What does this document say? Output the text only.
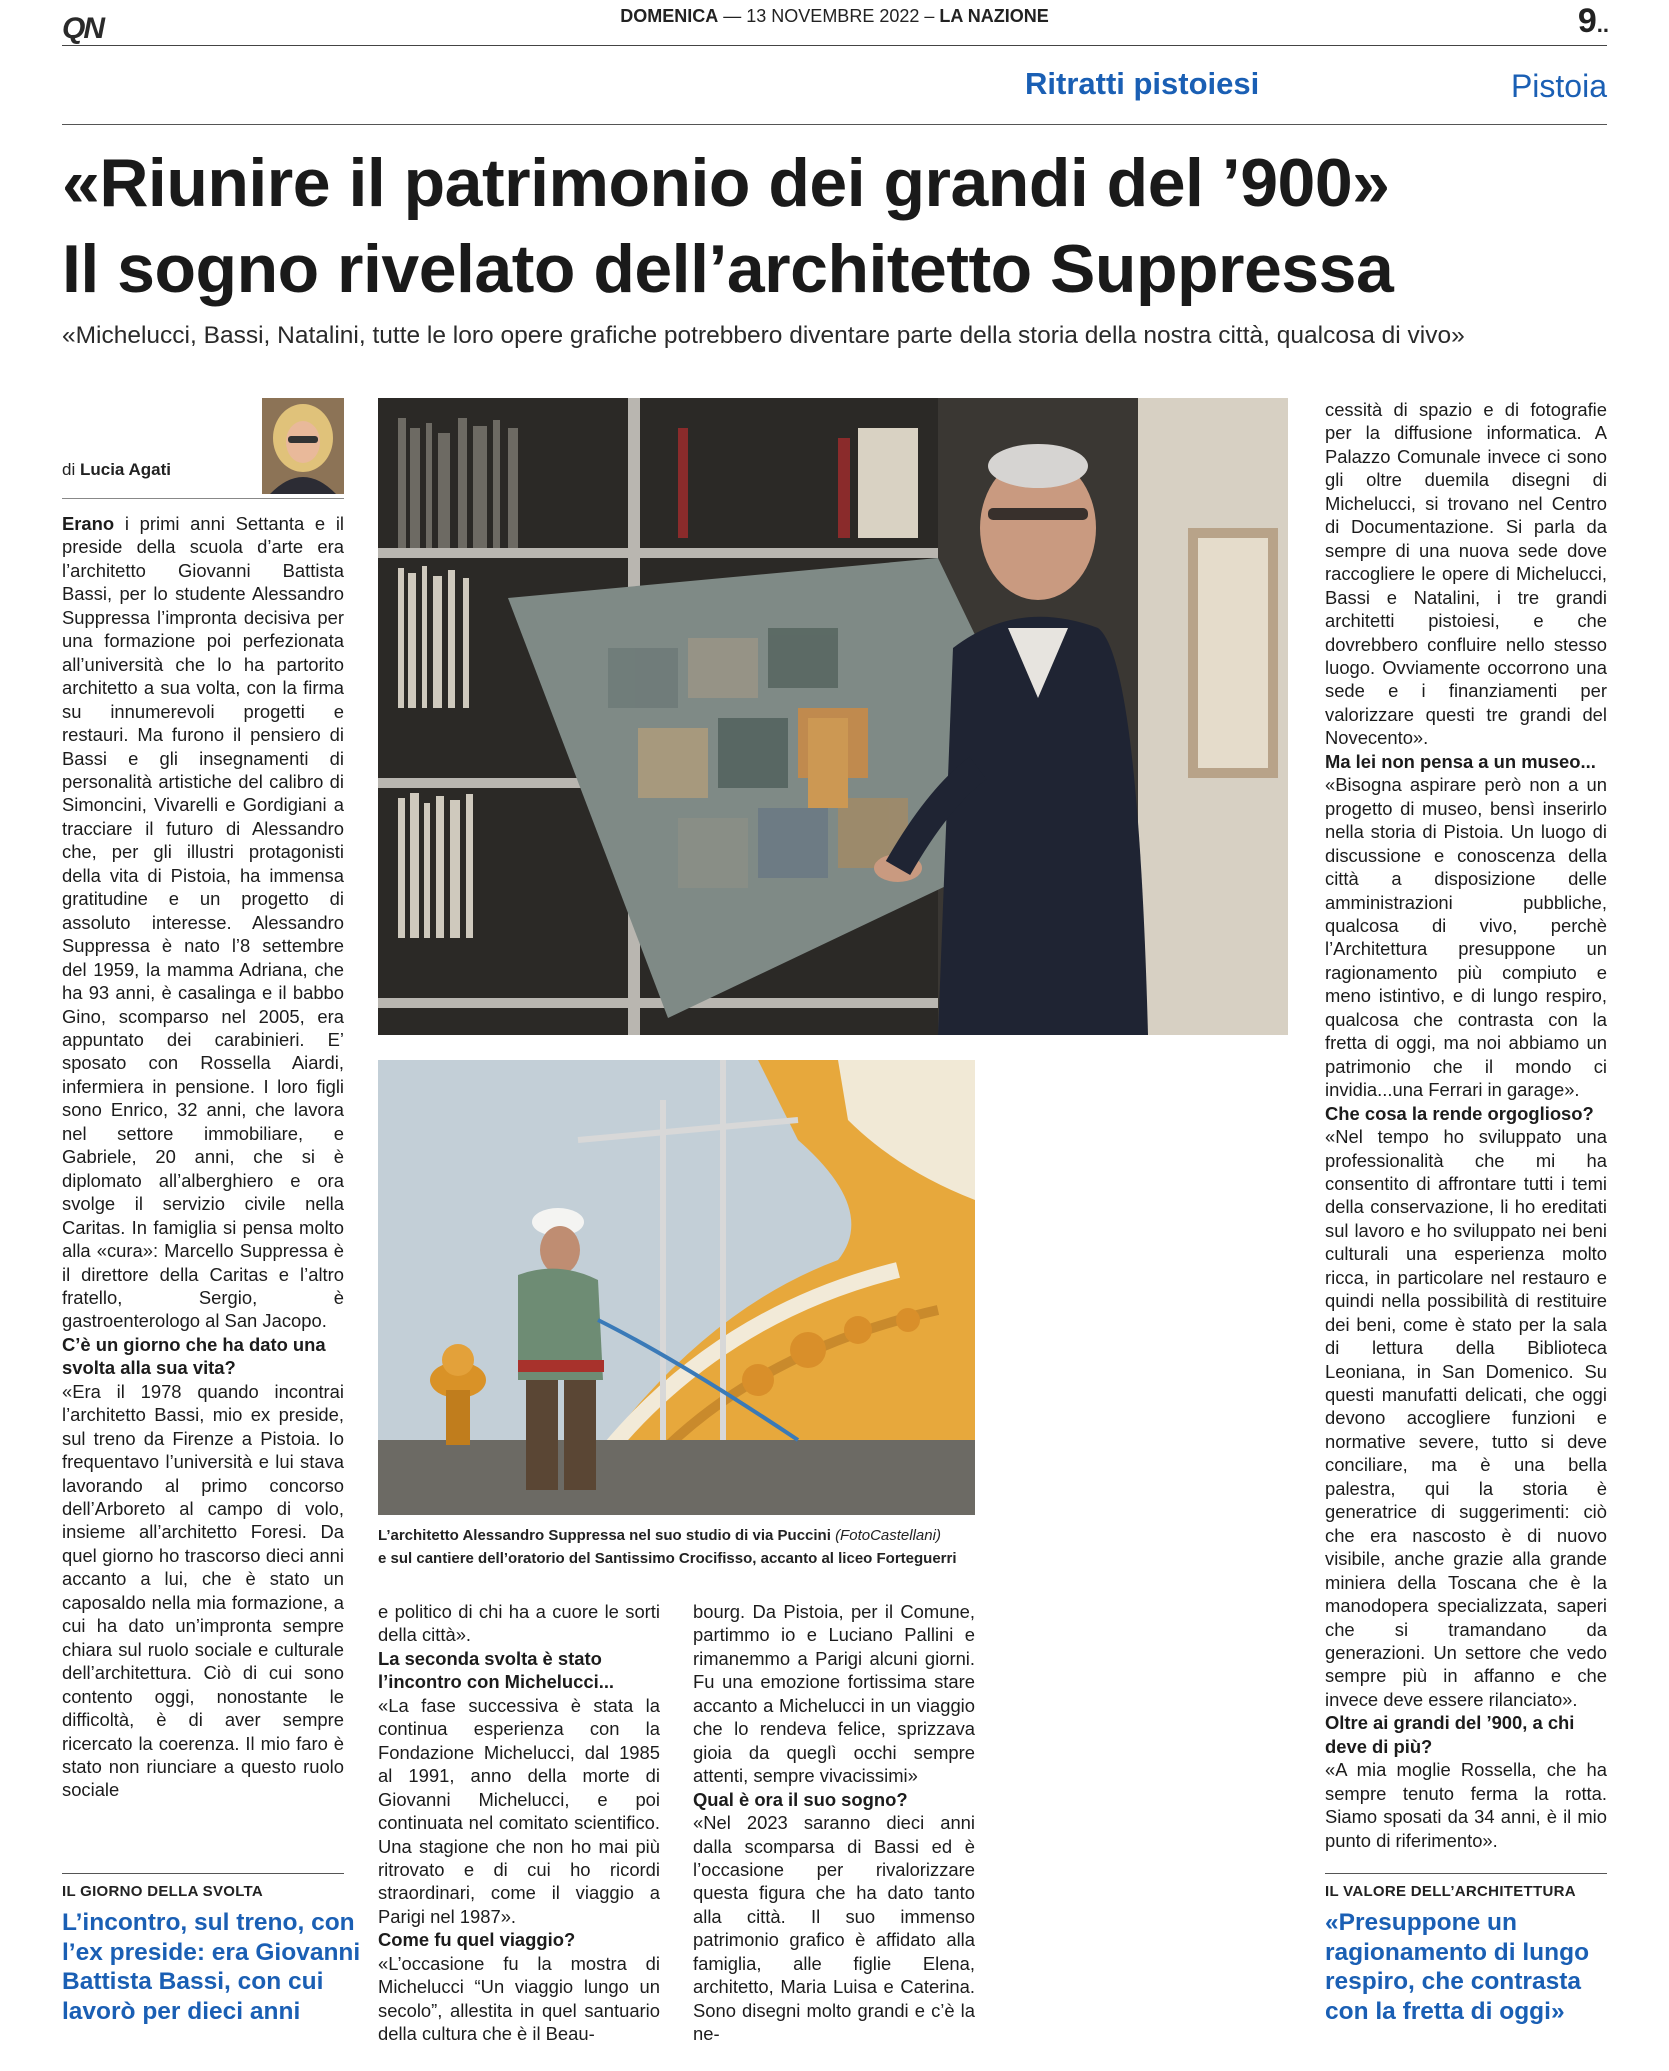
QN	DOMENICA — 13 NOVEMBRE 2022 – LA NAZIONE	9..
Ritratti pistoiesi	Pistoia
«Riunire il patrimonio dei grandi del ’900»
Il sogno rivelato dell’architetto Suppressa
«Michelucci, Bassi, Natalini, tutte le loro opere grafiche potrebbero diventare parte della storia della nostra città, qualcosa di vivo»
di Lucia Agati

Erano i primi anni Settanta e il preside della scuola d’arte era l’architetto Giovanni Battista Bassi, per lo studente Alessandro Suppressa l’impronta decisiva per una formazione poi perfezionata all’università che lo ha partorito architetto a sua volta, con la firma su innumerevoli progetti e restauri. Ma furono il pensiero di Bassi e gli insegnamenti di personalità artistiche del calibro di Simoncini, Vivarelli e Gordigiani a tracciare il futuro di Alessandro che, per gli illustri protagonisti della vita di Pistoia, ha immensa gratitudine e un progetto di assoluto interesse. Alessandro Suppressa è nato l’8 settembre del 1959, la mamma Adriana, che ha 93 anni, è casalinga e il babbo Gino, scomparso nel 2005, era appuntato dei carabinieri. E’ sposato con Rossella Aiardi, infermiera in pensione. I loro figli sono Enrico, 32 anni, che lavora nel settore immobiliare, e Gabriele, 20 anni, che si è diplomato all’alberghiero e ora svolge il servizio civile nella Caritas. In famiglia si pensa molto alla «cura»: Marcello Suppressa è il direttore della Caritas e l’altro fratello, Sergio, è gastroenterologo al San Jacopo.

C’è un giorno che ha dato una svolta alla sua vita?

«Era il 1978 quando incontrai l’architetto Bassi, mio ex preside, sul treno da Firenze a Pistoia. Io frequentavo l’università e lui stava lavorando al primo concorso dell’Arboreto al campo di volo, insieme all’architetto Foresi. Da quel giorno ho trascorso dieci anni accanto a lui, che è stato un caposaldo nella mia formazione, a cui ha dato un’impronta sempre chiara sul ruolo sociale e culturale dell’architettura. Ciò di cui sono contento oggi, nonostante le difficoltà, è di aver sempre ricercato la coerenza. Il mio faro è stato non riunciare a questo ruolo sociale

L’architetto Alessandro Suppressa nel suo studio di via Puccini (FotoCastellani)
e sul cantiere dell’oratorio del Santissimo Crocifisso, accanto al liceo Forteguerri

e politico di chi ha a cuore le sorti della città».

La seconda svolta è stato l’incontro con Michelucci...

«La fase successiva è stata la continua esperienza con la Fondazione Michelucci, dal 1985 al 1991, anno della morte di Giovanni Michelucci, e poi continuata nel comitato scientifico. Una stagione che non ho mai più ritrovato e di cui ho ricordi straordinari, come il viaggio a Parigi nel 1987».

Come fu quel viaggio?

«L’occasione fu la mostra di Michelucci “Un viaggio lungo un secolo”, allestita in quel santuario della cultura che è il Beau-

bourg. Da Pistoia, per il Comune, partimmo io e Luciano Pallini e rimanemmo a Parigi alcuni giorni. Fu una emozione fortissima stare accanto a Michelucci in un viaggio che lo rendeva felice, sprizzava gioia da queglì occhi sempre attenti, sempre vivacissimi»

Qual è ora il suo sogno?

«Nel 2023 saranno dieci anni dalla scomparsa di Bassi ed è l’occasione per rivalorizzare questa figura che ha dato tanto alla città. Il suo immenso patrimonio grafico è affidato alla famiglia, alle figlie Elena, architetto, Maria Luisa e Caterina. Sono disegni molto grandi e c’è la ne-

cessità di spazio e di fotografie per la diffusione informatica. A Palazzo Comunale invece ci sono gli oltre duemila disegni di Michelucci, si trovano nel Centro di Documentazione. Si parla da sempre di una nuova sede dove raccogliere le opere di Michelucci, Bassi e Natalini, i tre grandi architetti pistoiesi, e che dovrebbero confluire nello stesso luogo. Ovviamente occorrono una sede e i finanziamenti per valorizzare questi tre grandi del Novecento».

Ma lei non pensa a un museo...

«Bisogna aspirare però non a un progetto di museo, bensì inserirlo nella storia di Pistoia. Un luogo di discussione e conoscenza della città a disposizione delle amministrazioni pubbliche, qualcosa di vivo, perchè l’Architettura presuppone un ragionamento più compiuto e meno istintivo, e di lungo respiro, qualcosa che contrasta con la fretta di oggi, ma noi abbiamo un patrimonio che il mondo ci invidia...una Ferrari in garage».

Che cosa la rende orgoglioso?

«Nel tempo ho sviluppato una professionalità che mi ha consentito di affrontare tutti i temi della conservazione, li ho ereditati sul lavoro e ho sviluppato nei beni culturali una esperienza molto ricca, in particolare nel restauro e quindi nella possibilità di restituire dei beni, come è stato per la sala di lettura della Biblioteca Leoniana, in San Domenico. Su questi manufatti delicati, che oggi devono accogliere funzioni e normative severe, tutto si deve conciliare, ma è una bella palestra, qui la storia è generatrice di suggerimenti: ciò che era nascosto è di nuovo visibile, anche grazie alla grande miniera della Toscana che è la manodopera specializzata, saperi che si tramandano da generazioni. Un settore che vedo sempre più in affanno e che invece deve essere rilanciato».

Oltre ai grandi del ’900, a chi deve di più?

«A mia moglie Rossella, che ha sempre tenuto ferma la rotta. Siamo sposati da 34 anni, è il mio punto di riferimento».

IL GIORNO DELLA SVOLTA
L’incontro, sul treno, con l’ex preside: era Giovanni Battista Bassi, con cui lavorò per dieci anni
IL VALORE DELL’ARCHITETTURA
«Presuppone un ragionamento di lungo respiro, che contrasta con la fretta di oggi»
